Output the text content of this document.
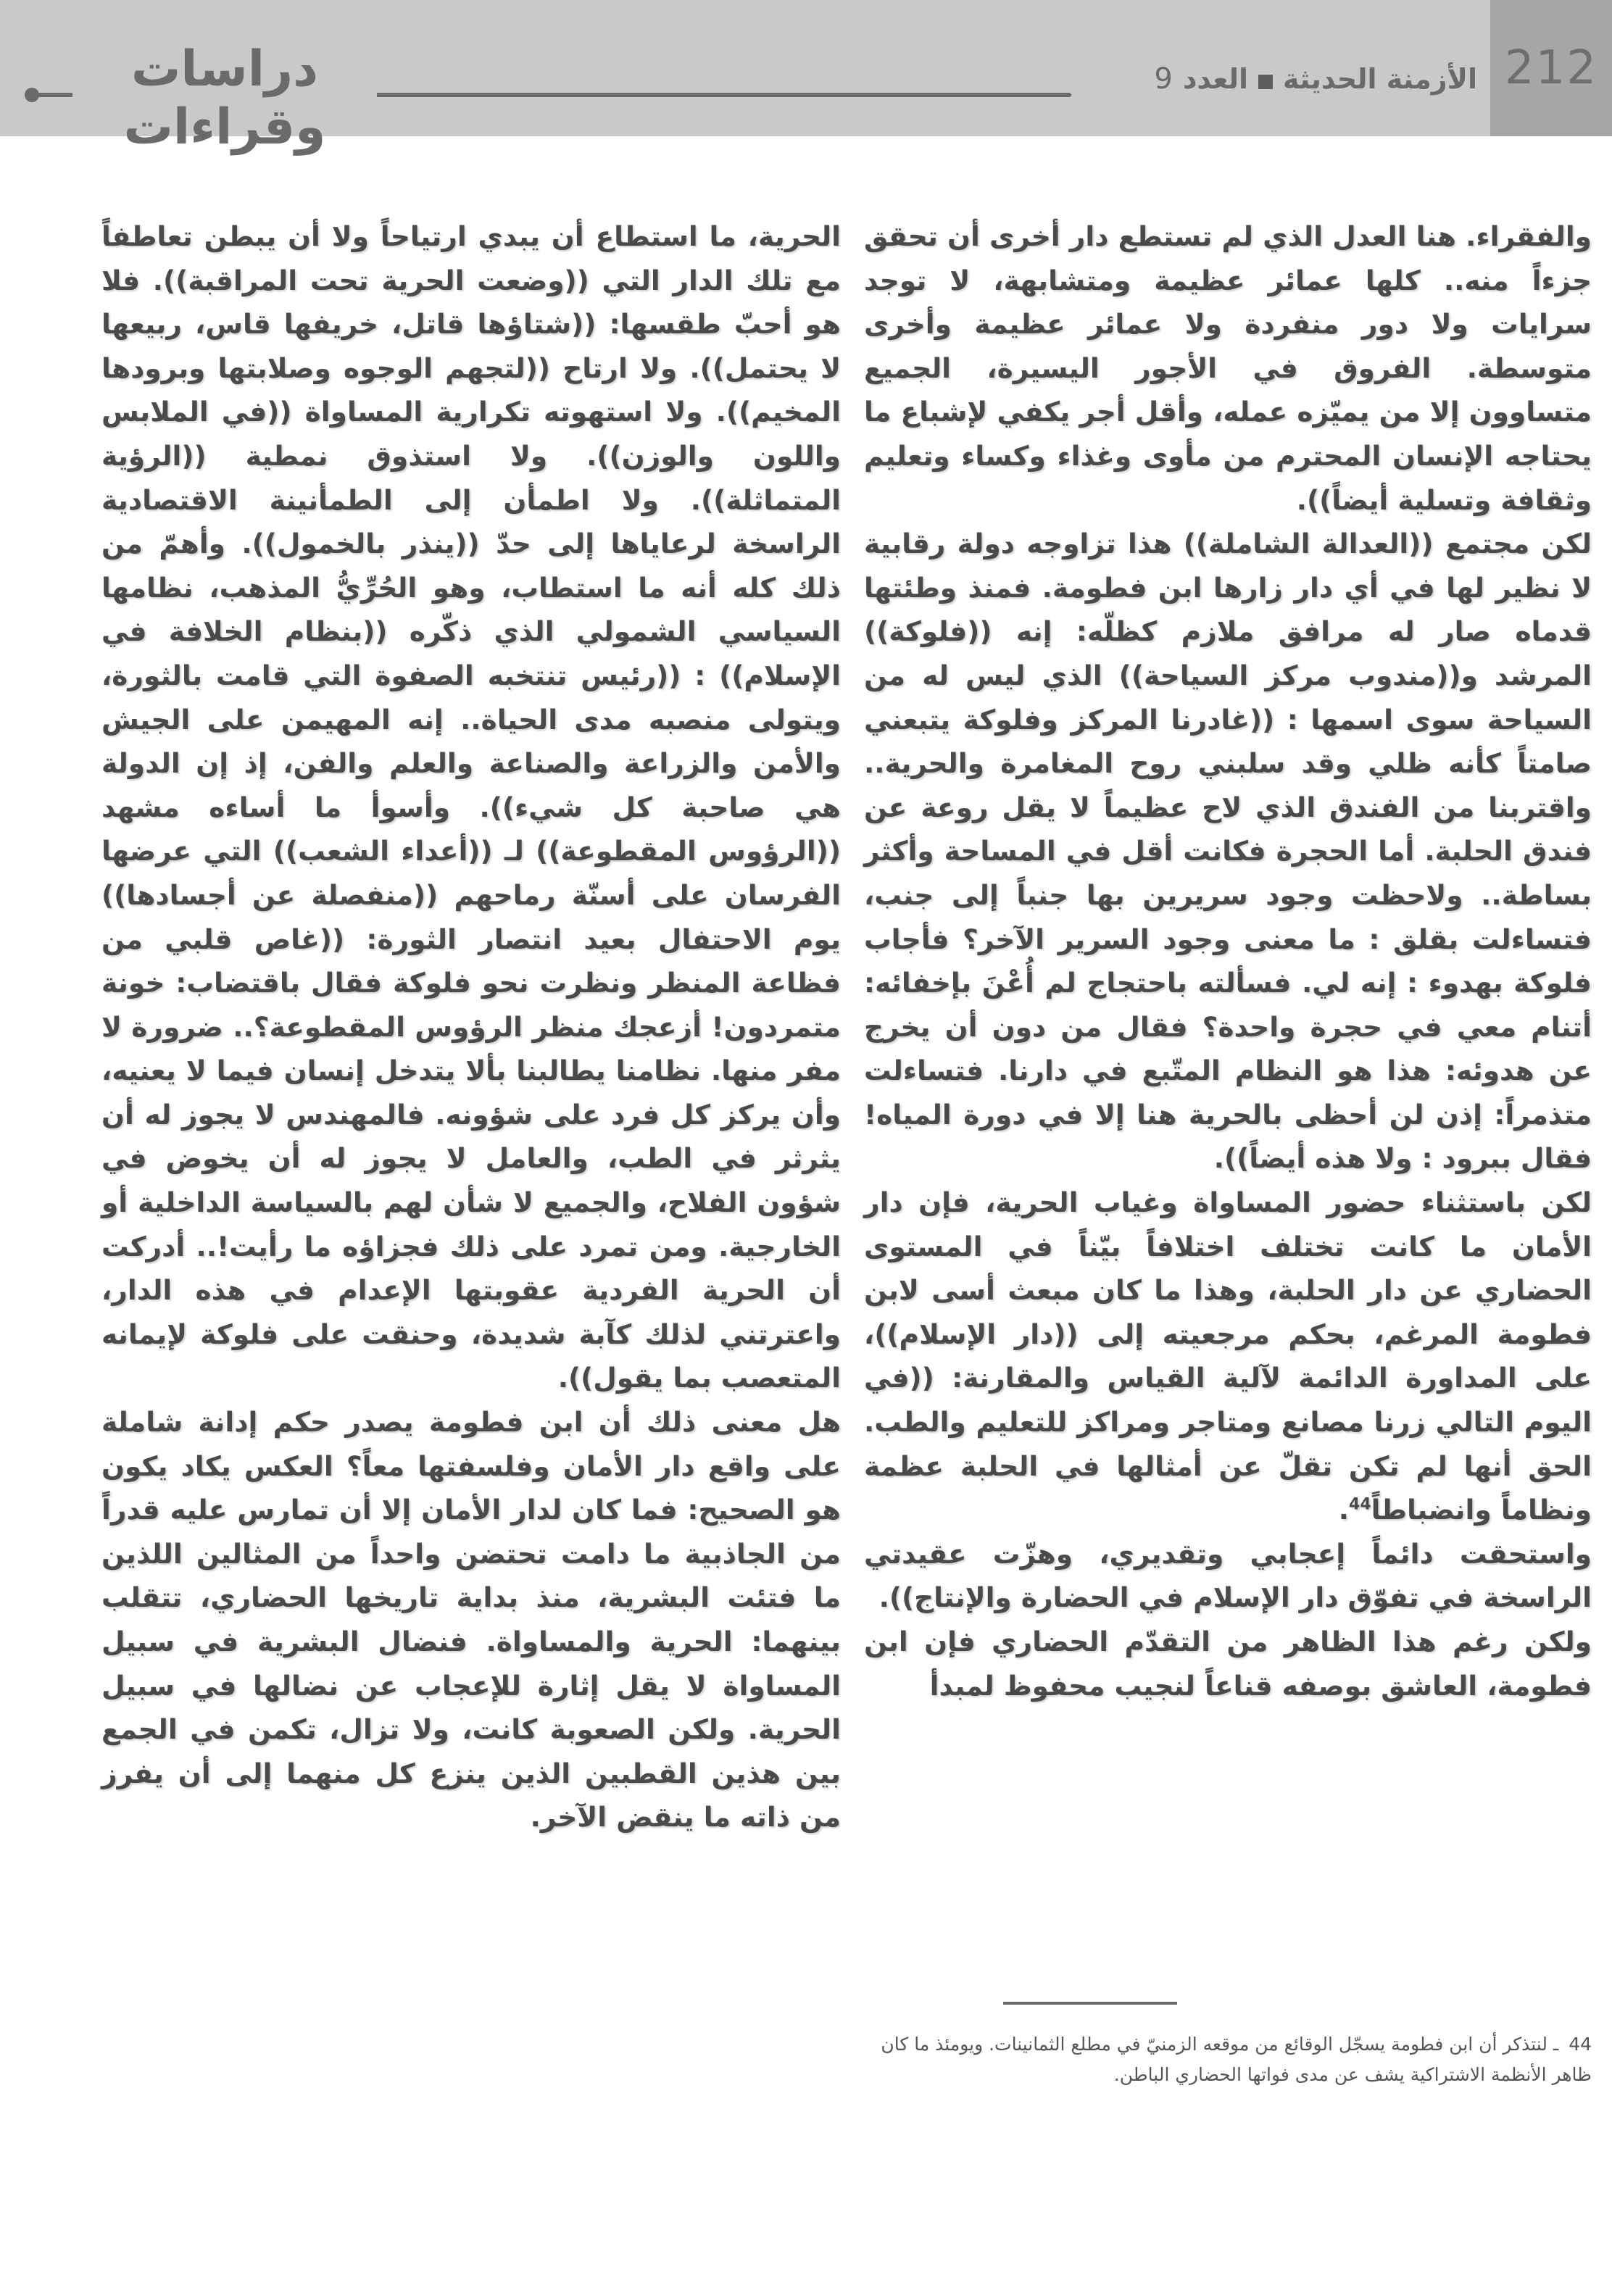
دراسات وقراءات
الأزمنة الحديثة
العدد
9	212

والفقراء. هنا العدل الذي لم تستطع دار أخرى أن تحقق جزءاً منه.. كلها عمائر عظيمة ومتشابهة، لا توجد سرايات ولا دور منفردة ولا عمائر عظيمة وأخرى متوسطة. الفروق في الأجور اليسيرة، الجميع متساوون إلا من يميّزه عمله، وأقل أجر يكفي لإشباع ما يحتاجه الإنسان المحترم من مأوى وغذاء وكساء وتعليم وثقافة وتسلية أيضاً)).

لكن مجتمع ((العدالة الشاملة)) هذا تزاوجه دولة رقابية لا نظير لها في أي دار زارها ابن فطومة. فمنذ وطئتها قدماه صار له مرافق ملازم كظلّه: إنه ((فلوكة)) المرشد و((مندوب مركز السياحة)) الذي ليس له من السياحة سوى اسمها : ((غادرنا المركز وفلوكة يتبعني صامتاً كأنه ظلي وقد سلبني روح المغامرة والحرية.. واقتربنا من الفندق الذي لاح عظيماً لا يقل روعة عن فندق الحلبة. أما الحجرة فكانت أقل في المساحة وأكثر بساطة.. ولاحظت وجود سريرين بها جنباً إلى جنب، فتساءلت بقلق : ما معنى وجود السرير الآخر؟ فأجاب فلوكة بهدوء : إنه لي. فسألته باحتجاج لم أُعْنَ بإخفائه: أتنام معي في حجرة واحدة؟ فقال من دون أن يخرج عن هدوئه: هذا هو النظام المتّبع في دارنا. فتساءلت متذمراً: إذن لن أحظى بالحرية هنا إلا في دورة المياه! فقال ببرود : ولا هذه أيضاً)).

لكن باستثناء حضور المساواة وغياب الحرية، فإن دار الأمان ما كانت تختلف اختلافاً بيّناً في المستوى الحضاري عن دار الحلبة، وهذا ما كان مبعث أسى لابن فطومة المرغم، بحكم مرجعيته إلى ((دار الإسلام))، على المداورة الدائمة لآلية القياس والمقارنة: ((في اليوم التالي زرنا مصانع ومتاجر ومراكز للتعليم والطب. الحق أنها لم تكن تقلّ عن أمثالها في الحلبة عظمة ونظاماً وانضباطاً$^{44}$.

واستحقت دائماً إعجابي وتقديري، وهزّت عقيدتي الراسخة في تفوّق دار الإسلام في الحضارة والإنتاج)).

ولكن رغم هذا الظاهر من التقدّم الحضاري فإن ابن فطومة، العاشق بوصفه قناعاً لنجيب محفوظ لمبدأ

الحرية، ما استطاع أن يبدي ارتياحاً ولا أن يبطن تعاطفاً مع تلك الدار التي ((وضعت الحرية تحت المراقبة)). فلا هو أحبّ طقسها: ((شتاؤها قاتل، خريفها قاس، ربيعها لا يحتمل)). ولا ارتاح ((لتجهم الوجوه وصلابتها وبرودها المخيم)). ولا استهوته تكرارية المساواة ((في الملابس واللون والوزن)). ولا استذوق نمطية ((الرؤية المتماثلة)). ولا اطمأن إلى الطمأنينة الاقتصادية الراسخة لرعاياها إلى حدّ ((ينذر بالخمول)). وأهمّ من ذلك كله أنه ما استطاب، وهو الحُرِّيُّ المذهب، نظامها السياسي الشمولي الذي ذكّره ((بنظام الخلافة في الإسلام)) : ((رئيس تنتخبه الصفوة التي قامت بالثورة، ويتولى منصبه مدى الحياة.. إنه المهيمن على الجيش والأمن والزراعة والصناعة والعلم والفن، إذ إن الدولة هي صاحبة كل شيء)). وأسوأ ما أساءه مشهد ((الرؤوس المقطوعة)) لـ ((أعداء الشعب)) التي عرضها الفرسان على أسنّة رماحهم ((منفصلة عن أجسادها)) يوم الاحتفال بعيد انتصار الثورة: ((غاص قلبي من فظاعة المنظر ونظرت نحو فلوكة فقال باقتضاب: خونة متمردون! أزعجك منظر الرؤوس المقطوعة؟.. ضرورة لا مفر منها. نظامنا يطالبنا بألا يتدخل إنسان فيما لا يعنيه، وأن يركز كل فرد على شؤونه. فالمهندس لا يجوز له أن يثرثر في الطب، والعامل لا يجوز له أن يخوض في شؤون الفلاح، والجميع لا شأن لهم بالسياسة الداخلية أو الخارجية. ومن تمرد على ذلك فجزاؤه ما رأيت!.. أدركت أن الحرية الفردية عقوبتها الإعدام في هذه الدار، واعترتني لذلك كآبة شديدة، وحنقت على فلوكة لإيمانه المتعصب بما يقول)).

هل معنى ذلك أن ابن فطومة يصدر حكم إدانة شاملة على واقع دار الأمان وفلسفتها معاً؟ العكس يكاد يكون هو الصحيح: فما كان لدار الأمان إلا أن تمارس عليه قدراً من الجاذبية ما دامت تحتضن واحداً من المثالين اللذين ما فتئت البشرية، منذ بداية تاريخها الحضاري، تتقلب بينهما: الحرية والمساواة. فنضال البشرية في سبيل المساواة لا يقل إثارة للإعجاب عن نضالها في سبيل الحرية. ولكن الصعوبة كانت، ولا تزال، تكمن في الجمع بين هذين القطبين الذين ينزع كل منهما إلى أن يفرز من ذاته ما ينقض الآخر.

44 ـ لنتذكر أن ابن فطومة يسجّل الوقائع من موقعه الزمنيّ في مطلع الثمانينات. ويومئذ ما كان ظاهر الأنظمة الاشتراكية يشف عن مدى فواتها الحضاري الباطن.
